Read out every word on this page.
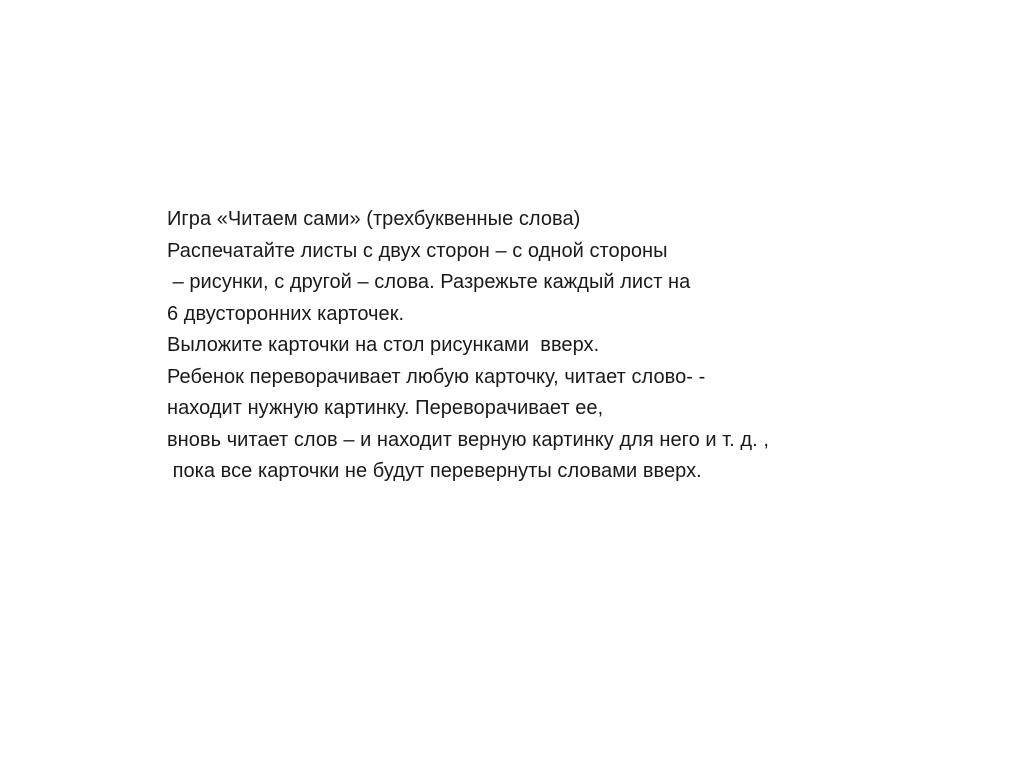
Игра «Читаем сами» (трехбуквенные слова)
Распечатайте листы с двух сторон – с одной стороны
– рисунки, с другой – слова. Разрежьте каждый лист на
6 двусторонних карточек.
Выложите карточки на стол рисунками  вверх.
Ребенок переворачивает любую карточку, читает слово- -
находит нужную картинку. Переворачивает ее,
вновь читает слов – и находит верную картинку для него и т. д. ,
пока все карточки не будут перевернуты словами вверх.
